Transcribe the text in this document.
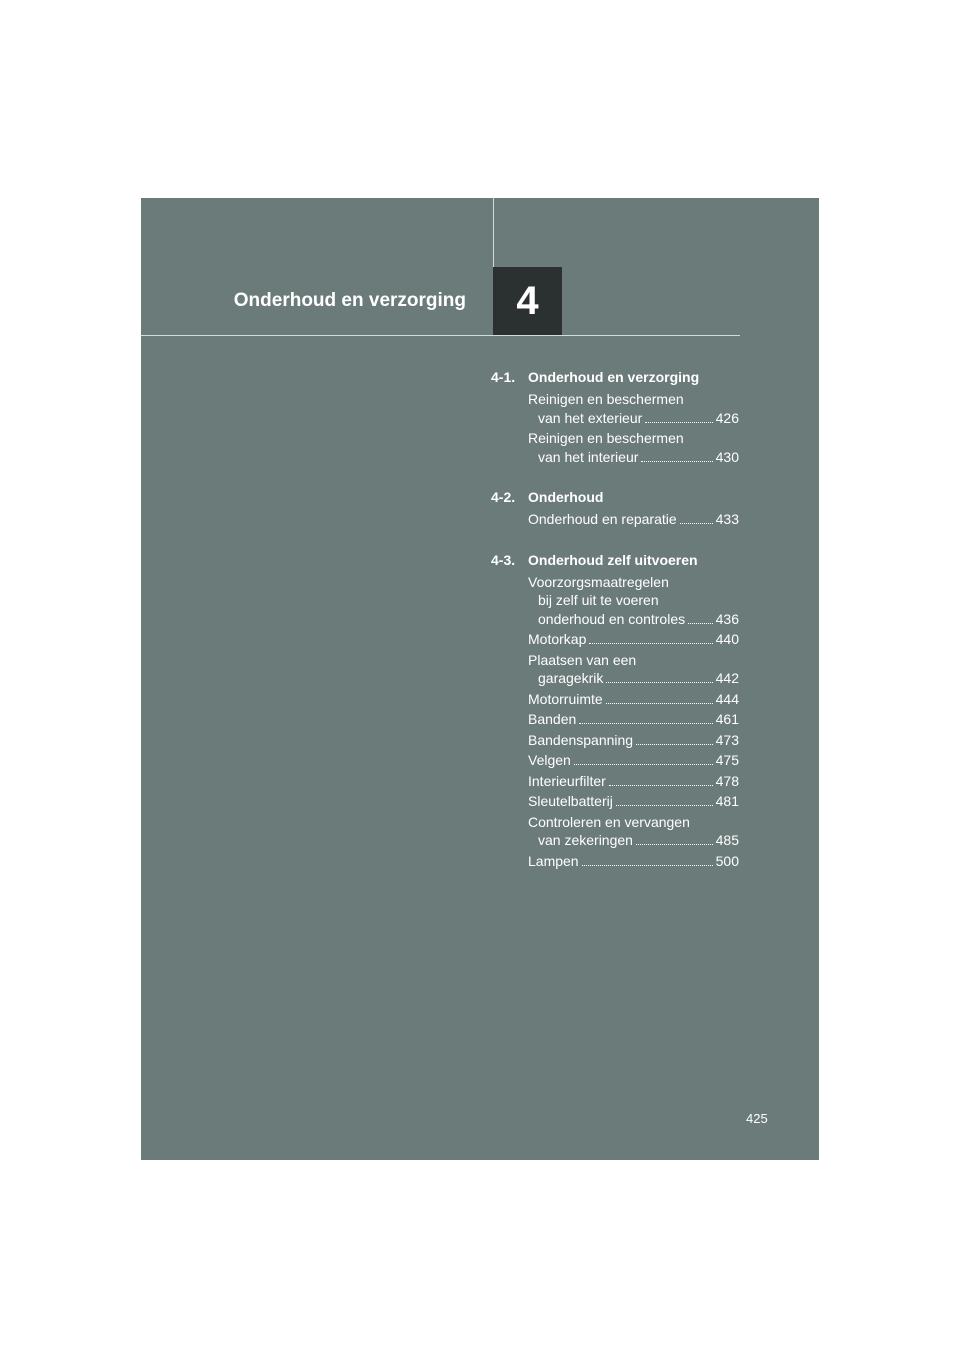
Onderhoud en verzorging 4
4-1. Onderhoud en verzorging
Reinigen en beschermen
van het exterieur	426
Reinigen en beschermen
van het interieur	430
4-2. Onderhoud
Onderhoud en reparatie	433
4-3. Onderhoud zelf uitvoeren
Voorzorgsmaatregelen
bij zelf uit te voeren
onderhoud en controles 436
Motorkap	440
Plaatsen van een
garagekrik	442
Motorruimte	444
Banden	461
Bandenspanning	473
Velgen	475
Interieurfilter	478
Sleutelbatterij	481
Controleren en vervangen
van zekeringen	485
Lampen	500
425
